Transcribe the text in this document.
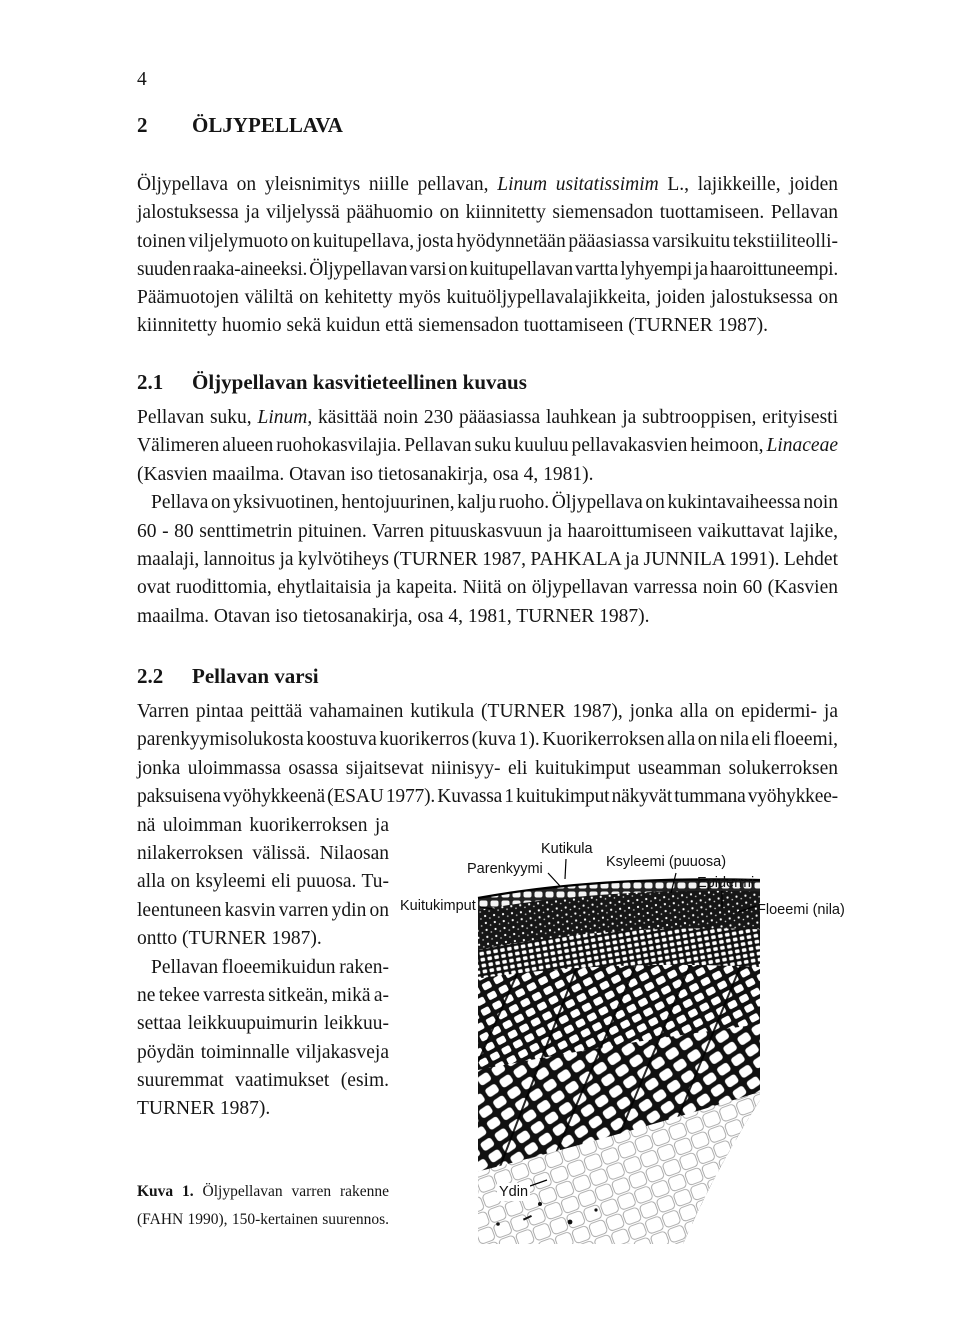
4
2 ÖLJYPELLAVA
Öljypellava on yleisnimitys niille pellavan, Linum usitatissimim L., lajikkeille, joiden
jalostuksessa ja viljelyssä päähuomio on kiinnitetty siemensadon tuottamiseen. Pellavan
toinen viljelymuoto on kuitupellava, josta hyödynnetään pääasiassa varsikuitu tekstiiliteolli-
suuden raaka-aineeksi. Öljypellavan varsi on kuitupellavan vartta lyhyempi ja haaroittuneempi.
Päämuotojen väliltä on kehitetty myös kuituöljypellavalajikkeita, joiden jalostuksessa on
kiinnitetty huomio sekä kuidun että siemensadon tuottamiseen (TURNER 1987).
2.1 Öljypellavan kasvitieteellinen kuvaus
Pellavan suku, Linum, käsittää noin 230 pääasiassa lauhkean ja subtrooppisen, erityisesti
Välimeren alueen ruohokasvilajia. Pellavan suku kuuluu pellavakasvien heimoon, Linaceae
(Kasvien maailma. Otavan iso tietosanakirja, osa 4, 1981).
Pellava on yksivuotinen, hentojuurinen, kalju ruoho. Öljypellava on kukintavaiheessa noin
60 - 80 senttimetrin pituinen. Varren pituuskasvuun ja haaroittumiseen vaikuttavat lajike,
maalaji, lannoitus ja kylvötiheys (TURNER 1987, PAHKALA ja JUNNILA 1991). Lehdet
ovat ruodittomia, ehytlaitaisia ja kapeita. Niitä on öljypellavan varressa noin 60 (Kasvien
maailma. Otavan iso tietosanakirja, osa 4, 1981, TURNER 1987).
2.2 Pellavan varsi
Varren pintaa peittää vahamainen kutikula (TURNER 1987), jonka alla on epidermi- ja
parenkyymisolukosta koostuva kuorikerros (kuva 1). Kuorikerroksen alla on nila eli floeemi,
jonka uloimmassa osassa sijaitsevat niinisyy- eli kuitukimput useamman solukerroksen
paksuisena vyöhykkeenä (ESAU 1977). Kuvassa 1 kuitukimput näkyvät tummana vyöhykkee-
nä uloimman kuorikerroksen ja
nilakerroksen välissä. Nilaosan
alla on ksyleemi eli puuosa. Tu-
leentuneen kasvin varren ydin on
ontto (TURNER 1987).
Pellavan floeemikuidun raken-
ne tekee varresta sitkeän, mikä a-
settaa leikkuupuimurin leikkuu-
pöydän toiminnalle viljakasveja
suuremmat vaatimukset (esim.
TURNER 1987).
Kutikula
Parenkyymi	Ksyleemi (puuosa)
Epidermi
Kuitukimput	Floeemi (nila)
Ydin
Kuva 1. Öljypellavan varren rakenne
(FAHN 1990), 150-kertainen suurennos.
